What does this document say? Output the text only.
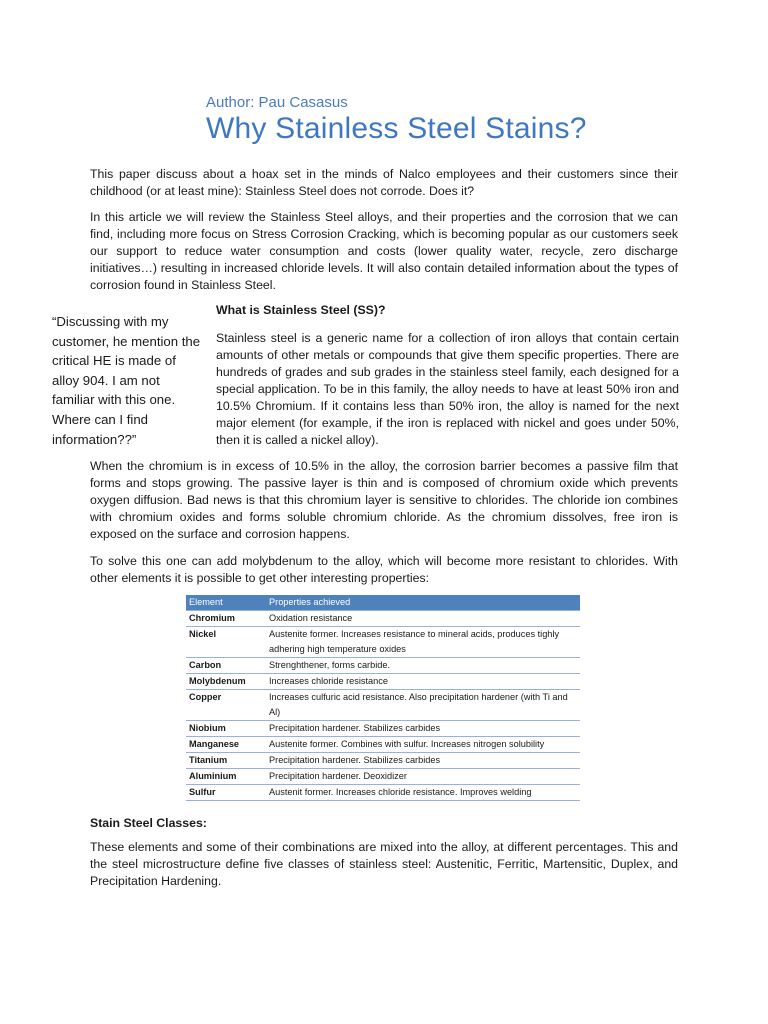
Author: Pau Casasus
Why Stainless Steel Stains?

This paper discuss about a hoax set in the minds of Nalco employees and their customers since their childhood (or at least mine): Stainless Steel does not corrode. Does it?

In this article we will review the Stainless Steel alloys, and their properties and the corrosion that we can find, including more focus on Stress Corrosion Cracking, which is becoming popular as our customers seek our support to reduce water consumption and costs (lower quality water, recycle, zero discharge initiatives…) resulting in increased chloride levels. It will also contain detailed information about the types of corrosion found in Stainless Steel.

“Discussing with my customer, he mention the critical HE is made of alloy 904. I am not familiar with this one. Where can I find information??”

What is Stainless Steel (SS)?

Stainless steel is a generic name for a collection of iron alloys that contain certain amounts of other metals or compounds that give them specific properties. There are hundreds of grades and sub grades in the stainless steel family, each designed for a special application. To be in this family, the alloy needs to have at least 50% iron and 10.5% Chromium. If it contains less than 50% iron, the alloy is named for the next major element (for example, if the iron is replaced with nickel and goes under 50%, then it is called a nickel alloy).

When the chromium is in excess of 10.5% in the alloy, the corrosion barrier becomes a passive film that forms and stops growing. The passive layer is thin and is composed of chromium oxide which prevents oxygen diffusion. Bad news is that this chromium layer is sensitive to chlorides. The chloride ion combines with chromium oxides and forms soluble chromium chloride. As the chromium dissolves, free iron is exposed on the surface and corrosion happens.

To solve this one can add molybdenum to the alloy, which will become more resistant to chlorides. With other elements it is possible to get other interesting properties:

Element	Properties achieved
Chromium	Oxidation resistance
Nickel	Austenite former. Increases resistance to mineral acids, produces tighly adhering high temperature oxides
Carbon	Strenghthener, forms carbide.
Molybdenum	Increases chloride resistance
Copper	Increases culfuric acid resistance. Also precipitation hardener (with Ti and Al)
Niobium	Precipitation hardener. Stabilizes carbides
Manganese	Austenite former. Combines with sulfur. Increases nitrogen solubility
Titanium	Precipitation hardener. Stabilizes carbides
Aluminium	Precipitation hardener. Deoxidizer
Sulfur	Austenit former. Increases chloride resistance. Improves welding

Stain Steel Classes:

These elements and some of their combinations are mixed into the alloy, at different percentages. This and the steel microstructure define five classes of stainless steel: Austenitic, Ferritic, Martensitic, Duplex, and Precipitation Hardening.
